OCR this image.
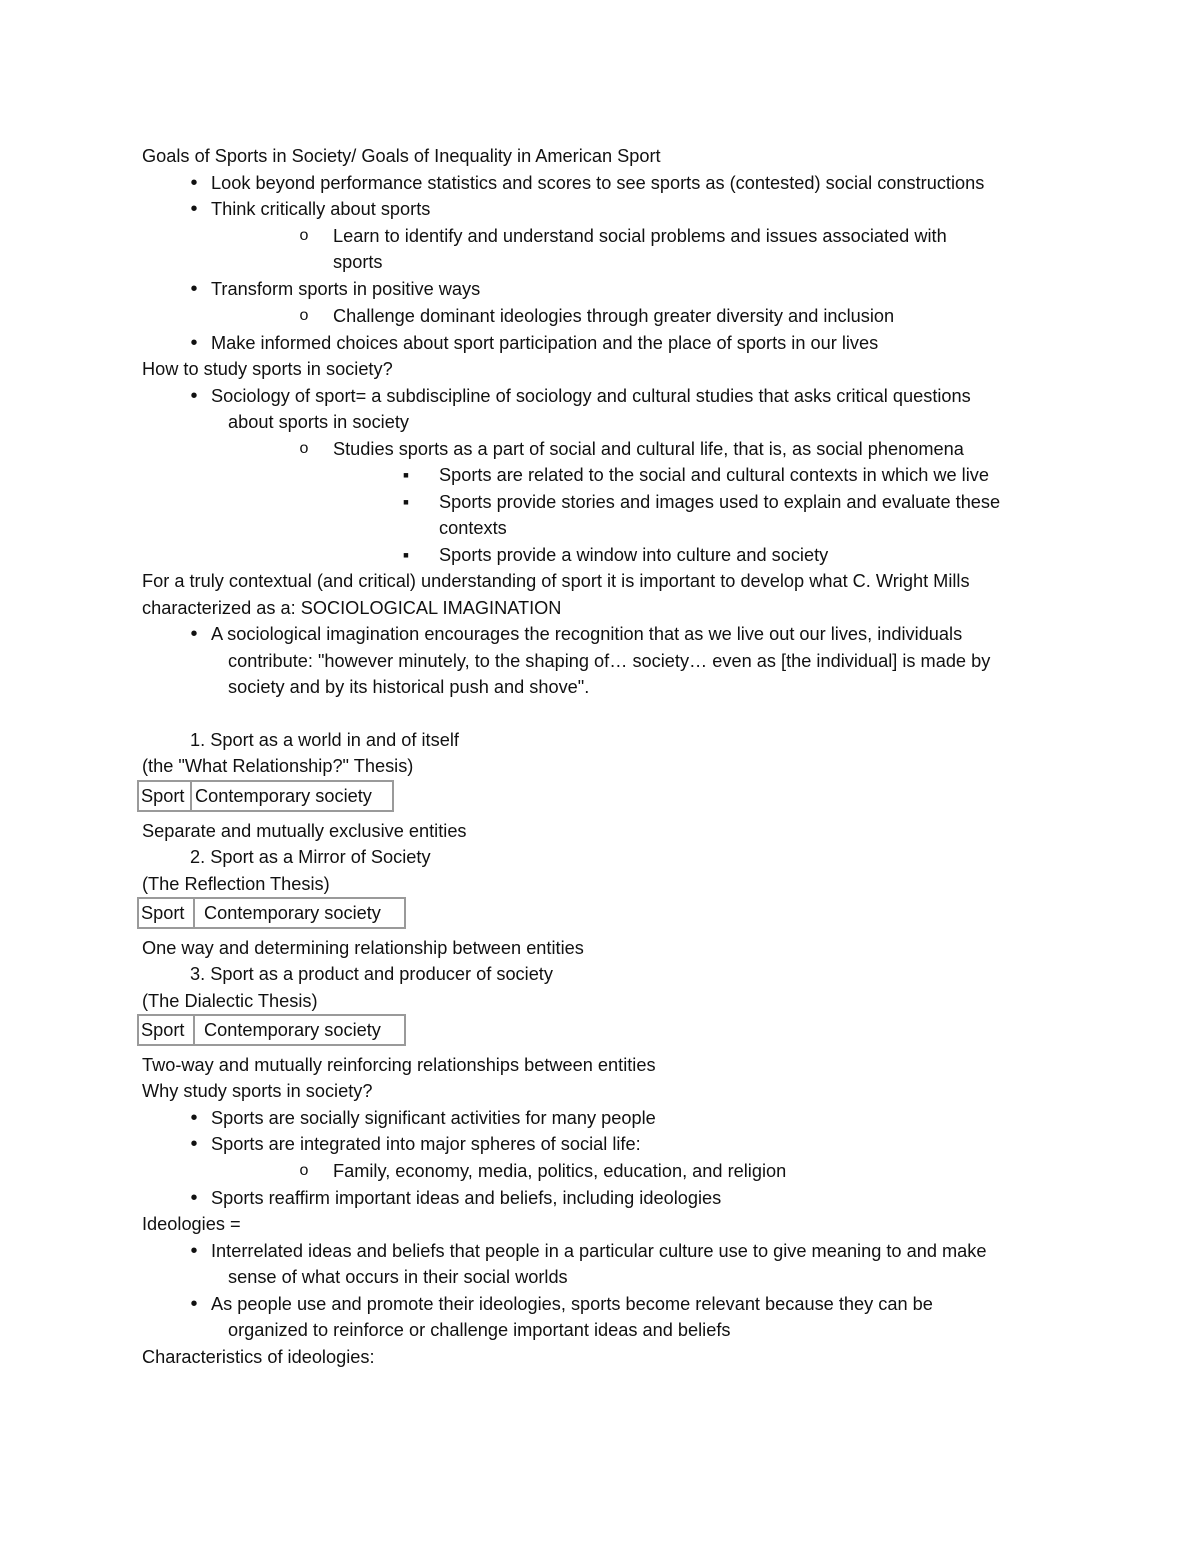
Goals of Sports in Society/ Goals of Inequality in American Sport
• Look beyond performance statistics and scores to see sports as (contested) social constructions
• Think critically about sports
o Learn to identify and understand social problems and issues associated with
sports
• Transform sports in positive ways
o Challenge dominant ideologies through greater diversity and inclusion
• Make informed choices about sport participation and the place of sports in our lives
How to study sports in society?
• Sociology of sport= a subdiscipline of sociology and cultural studies that asks critical questions
about sports in society
o Studies sports as a part of social and cultural life, that is, as social phenomena
▪ Sports are related to the social and cultural contexts in which we live
▪ Sports provide stories and images used to explain and evaluate these
contexts
▪ Sports provide a window into culture and society
For a truly contextual (and critical) understanding of sport it is important to develop what C. Wright Mills
characterized as a: SOCIOLOGICAL IMAGINATION
• A sociological imagination encourages the recognition that as we live out our lives, individuals
contribute: "however minutely, to the shaping of… society… even as [the individual] is made by
society and by its historical push and shove".
1. Sport as a world in and of itself
(the "What Relationship?" Thesis)
Sport Contemporary society
Separate and mutually exclusive entities
2. Sport as a Mirror of Society
(The Reflection Thesis)
Sport	Contemporary society
One way and determining relationship between entities
3. Sport as a product and producer of society
(The Dialectic Thesis)
Sport	Contemporary society
Two-way and mutually reinforcing relationships between entities
Why study sports in society?
• Sports are socially significant activities for many people
• Sports are integrated into major spheres of social life:
o Family, economy, media, politics, education, and religion
• Sports reaffirm important ideas and beliefs, including ideologies
Ideologies =
• Interrelated ideas and beliefs that people in a particular culture use to give meaning to and make
sense of what occurs in their social worlds
• As people use and promote their ideologies, sports become relevant because they can be
organized to reinforce or challenge important ideas and beliefs
Characteristics of ideologies:
